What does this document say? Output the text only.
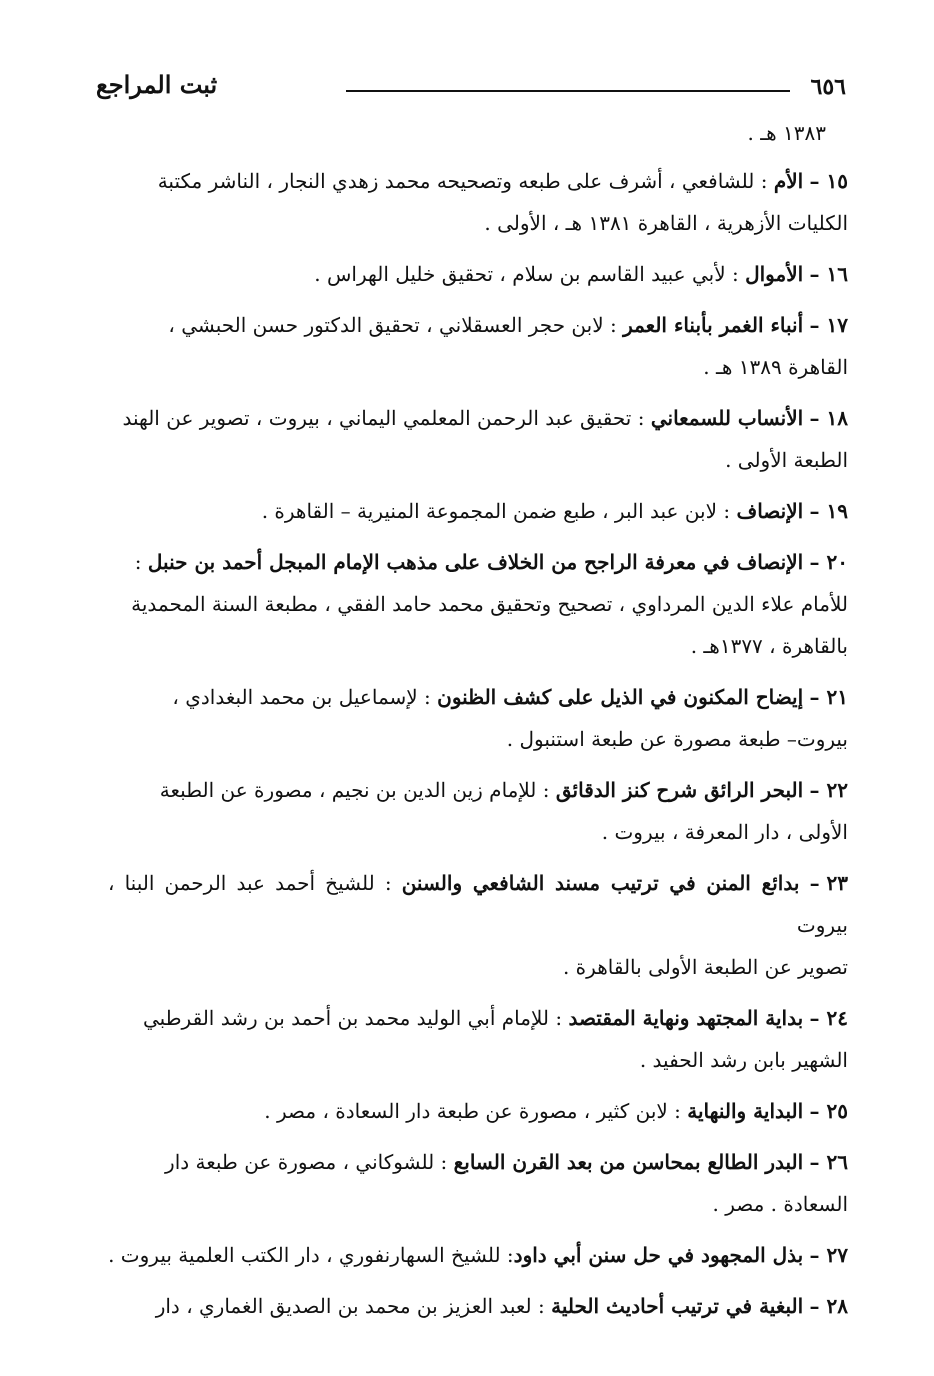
٦٥٦
ثبت المراجع
١٣٨٣ هـ .
١٥ – الأم : للشافعي ، أشرف على طبعه وتصحيحه محمد زهدي النجار ، الناشر مكتبة
الكليات الأزهرية ، القاهرة ١٣٨١ هـ ، الأولى .
١٦ – الأموال : لأبي عبيد القاسم بن سلام ، تحقيق خليل الهراس .
١٧ – أنباء الغمر بأبناء العمر : لابن حجر العسقلاني ، تحقيق الدكتور حسن الحبشي ،
القاهرة ١٣٨٩ هـ .
١٨ – الأنساب للسمعاني : تحقيق عبد الرحمن المعلمي اليماني ، بيروت ، تصوير عن الهند
الطبعة الأولى .
١٩ – الإنصاف : لابن عبد البر ، طبع ضمن المجموعة المنيرية – القاهرة .
٢٠ – الإنصاف في معرفة الراجح من الخلاف على مذهب الإمام المبجل أحمد بن حنبل :
للأمام علاء الدين المرداوي ، تصحيح وتحقيق محمد حامد الفقي ، مطبعة السنة المحمدية
بالقاهرة ، ١٣٧٧هـ .
٢١ – إيضاح المكنون في الذيل على كشف الظنون : لإسماعيل بن محمد البغدادي ،
بيروت– طبعة مصورة عن طبعة استنبول .
٢٢ – البحر الرائق شرح كنز الدقائق : للإمام زين الدين بن نجيم ، مصورة عن الطبعة
الأولى ، دار المعرفة ، بيروت .
٢٣ – بدائع المنن في ترتيب مسند الشافعي والسنن : للشيخ أحمد عبد الرحمن البنا ، بيروت
تصوير عن الطبعة الأولى بالقاهرة .
٢٤ – بداية المجتهد ونهاية المقتصد : للإمام أبي الوليد محمد بن أحمد بن رشد القرطبي
الشهير بابن رشد الحفيد .
٢٥ – البداية والنهاية : لابن كثير ، مصورة عن طبعة دار السعادة ، مصر .
٢٦ – البدر الطالع بمحاسن من بعد القرن السابع : للشوكاني ، مصورة عن طبعة دار
السعادة . مصر .
٢٧ – بذل المجهود في حل سنن أبي داود: للشيخ السهارنفوري ، دار الكتب العلمية بيروت .
٢٨ – البغية في ترتيب أحاديث الحلية : لعبد العزيز بن محمد بن الصديق الغماري ، دار
